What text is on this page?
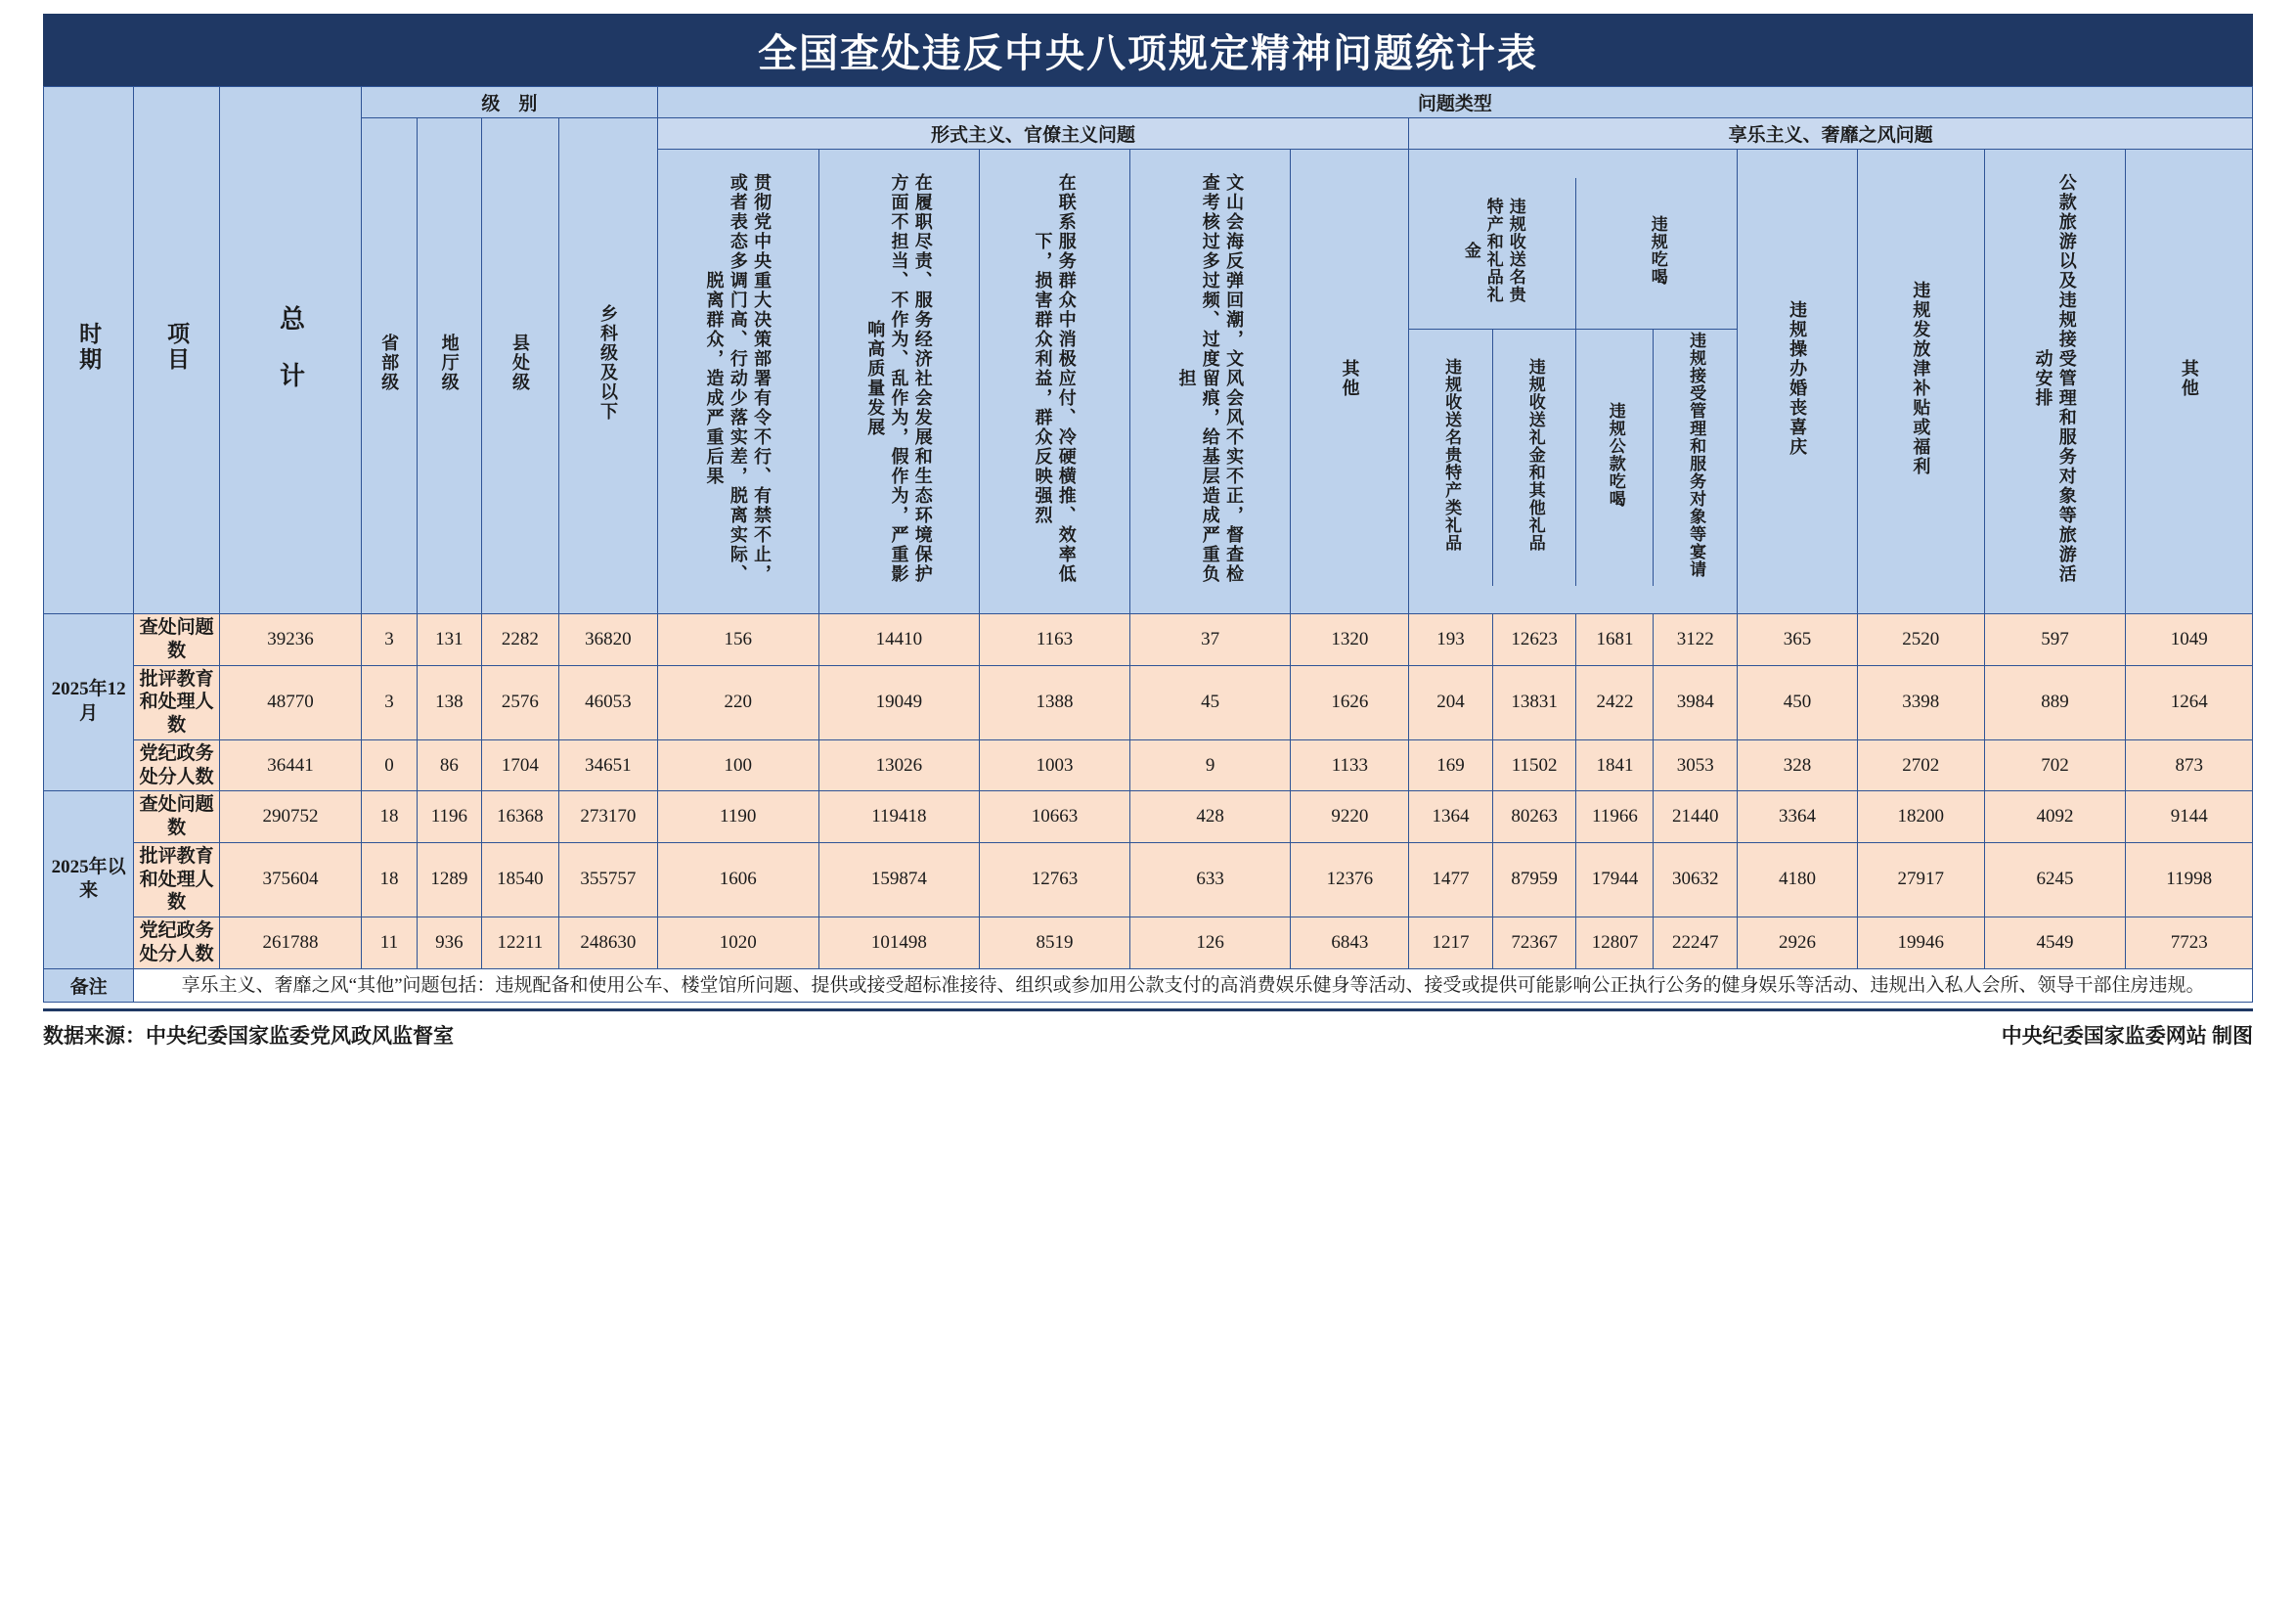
全国查处违反中央八项规定精神问题统计表
时期	项目	总　计	级　别	问题类型
省部级	地厅级	县处级	乡科级及以下	形式主义、官僚主义问题	享乐主义、奢靡之风问题
贯彻党中央重大决策部署有令不行、有禁不止，或者表态多调门高、行动少落实差，脱离实际、脱离群众，造成严重后果	在履职尽责、服务经济社会发展和生态环境保护方面不担当、不作为、乱作为，假作为，严重影响高质量发展	在联系服务群众中消极应付、冷硬横推、效率低下，损害群众利益，群众反映强烈	文山会海反弹回潮，文风会风不实不正，督查检查考核过多过频、过度留痕，给基层造成严重负担	其他	
违规收送名贵特产和礼品礼金	违规吃喝
违规收送名贵特产类礼品	违规收送礼金和其他礼品	违规公款吃喝	违规接受管理和服务对象等宴请
		违规操办婚丧喜庆	违规发放津补贴或福利	公款旅游以及违规接受管理和服务对象等旅游活动安排	其他
2025年12月	查处问题数	39236	3	131	2282	36820	156	14410	1163	37	1320	193	12623	1681	3122	365	2520	597	1049
批评教育和处理人数	48770	3	138	2576	46053	220	19049	1388	45	1626	204	13831	2422	3984	450	3398	889	1264
党纪政务处分人数	36441	0	86	1704	34651	100	13026	1003	9	1133	169	11502	1841	3053	328	2702	702	873
2025年以来	查处问题数	290752	18	1196	16368	273170	1190	119418	10663	428	9220	1364	80263	11966	21440	3364	18200	4092	9144
批评教育和处理人数	375604	18	1289	18540	355757	1606	159874	12763	633	12376	1477	87959	17944	30632	4180	27917	6245	11998
党纪政务处分人数	261788	11	936	12211	248630	1020	101498	8519	126	6843	1217	72367	12807	22247	2926	19946	4549	7723
备注	享乐主义、奢靡之风“其他”问题包括：违规配备和使用公车、楼堂馆所问题、提供或接受超标准接待、组织或参加用公款支付的高消费娱乐健身等活动、接受或提供可能影响公正执行公务的健身娱乐等活动、违规出入私人会所、领导干部住房违规。
数据来源：中央纪委国家监委党风政风监督室	中央纪委国家监委网站 制图
